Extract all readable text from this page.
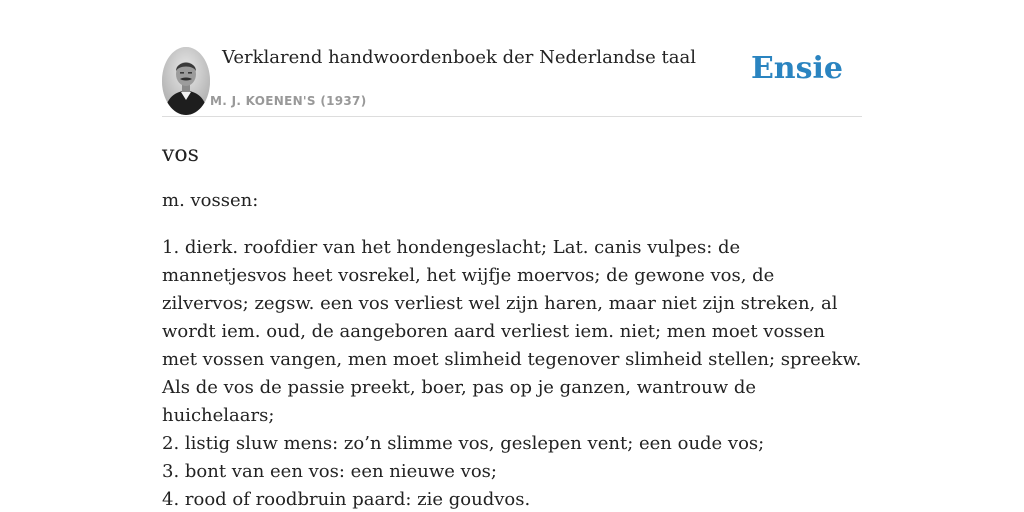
Verklarend handwoordenboek der Nederlandse taal
M. J. KOENEN'S (1937)
Ensie
vos

m. vossen:

1. dierk. roofdier van het hondengeslacht; Lat. canis vulpes: de mannetjesvos heet vosrekel, het wijfje moervos; de gewone vos, de zilvervos; zegsw. een vos verliest wel zijn haren, maar niet zijn streken, al wordt iem. oud, de aangeboren aard verliest iem. niet; men moet vossen met vossen vangen, men moet slimheid tegenover slimheid stellen; spreekw. Als de vos de passie preekt, boer, pas op je ganzen, wantrouw de huichelaars;
2. listig sluw mens: zo’n slimme vos, geslepen vent; een oude vos;
3. bont van een vos: een nieuwe vos;
4. rood of roodbruin paard: zie goudvos.
